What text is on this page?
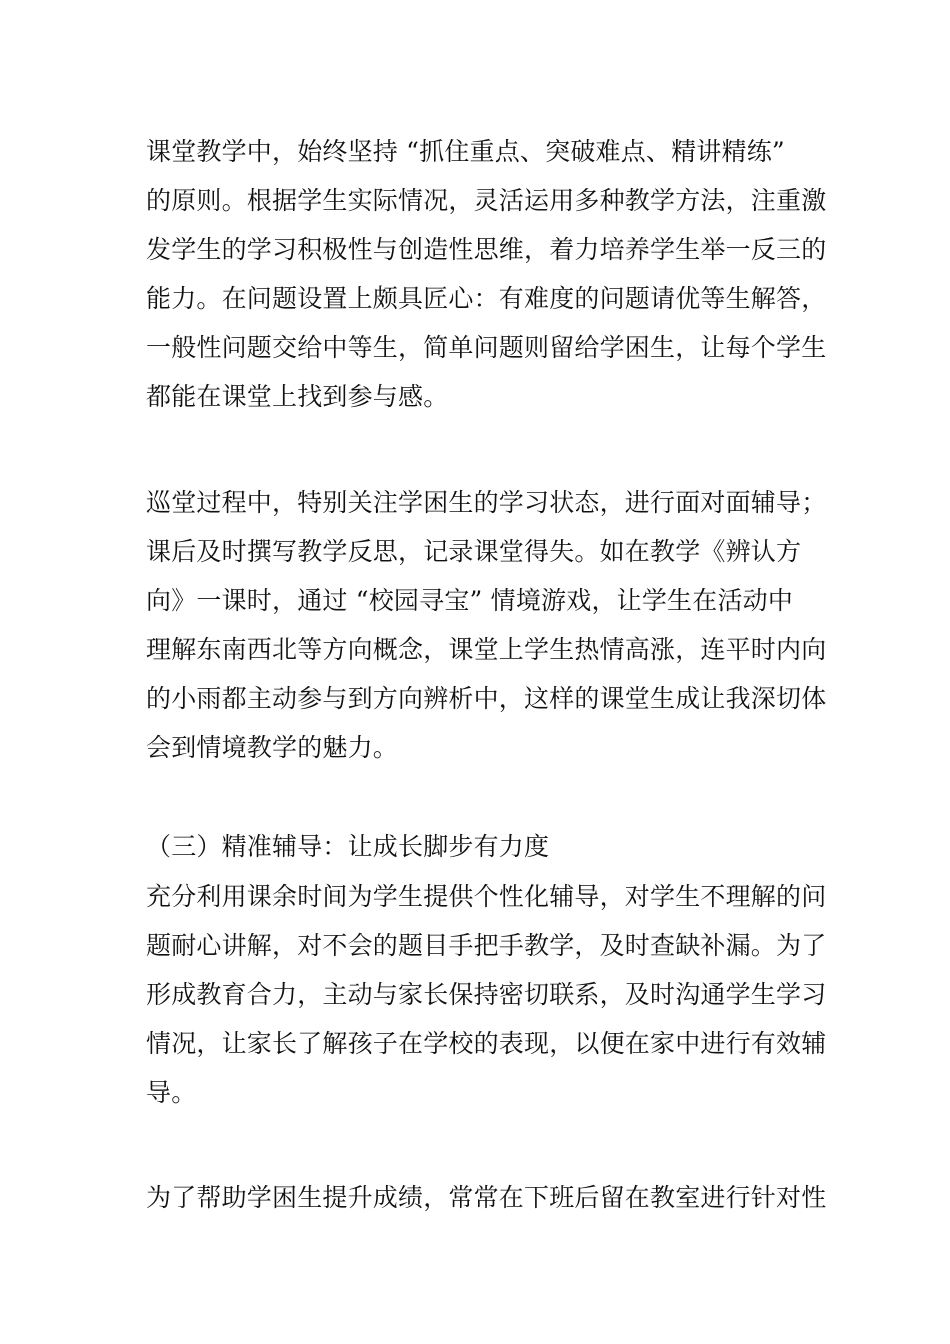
课堂教学中，始终坚持 “抓住重点、突破难点、精讲精练”
的原则。根据学生实际情况，灵活运用多种教学方法，注重激
发学生的学习积极性与创造性思维，着力培养学生举一反三的
能力。在问题设置上颇具匠心：有难度的问题请优等生解答，
一般性问题交给中等生，简单问题则留给学困生，让每个学生
都能在课堂上找到参与感。
巡堂过程中，特别关注学困生的学习状态，进行面对面辅导；
课后及时撰写教学反思，记录课堂得失。如在教学《辨认方
向》一课时，通过 “校园寻宝” 情境游戏，让学生在活动中
理解东南西北等方向概念，课堂上学生热情高涨，连平时内向
的小雨都主动参与到方向辨析中，这样的课堂生成让我深切体
会到情境教学的魅力。
（三）精准辅导：让成长脚步有力度
充分利用课余时间为学生提供个性化辅导，对学生不理解的问
题耐心讲解，对不会的题目手把手教学，及时查缺补漏。为了
形成教育合力，主动与家长保持密切联系，及时沟通学生学习
情况，让家长了解孩子在学校的表现，以便在家中进行有效辅
导。
为了帮助学困生提升成绩，常常在下班后留在教室进行针对性
